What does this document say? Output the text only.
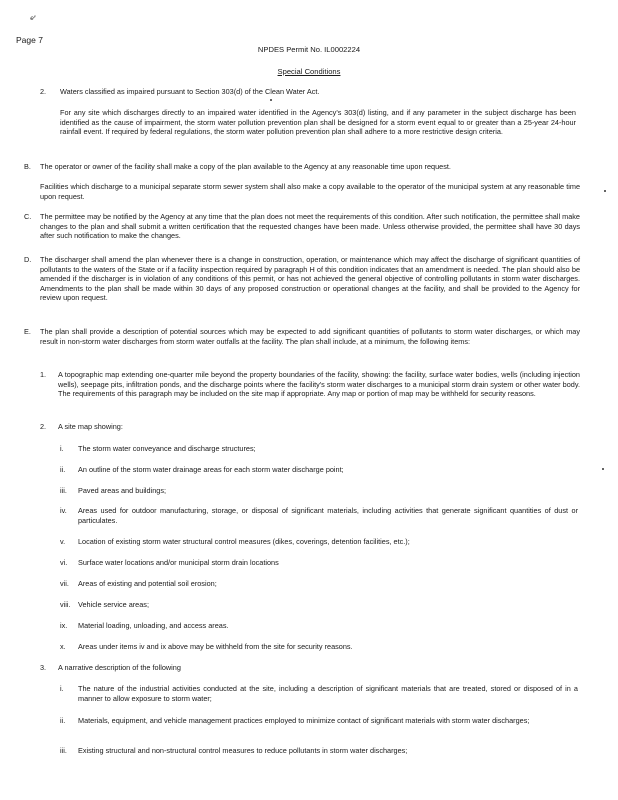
ᵉ'
Page 7
NPDES Permit No. IL0002224
Special Conditions
2. Waters classified as impaired pursuant to Section 303(d) of the Clean Water Act.
For any site which discharges directly to an impaired water identified in the Agency's 303(d) listing, and if any parameter in the subject discharge has been identified as the cause of impairment, the storm water pollution prevention plan shall be designed for a storm event equal to or greater than a 25-year 24-hour rainfall event. If required by federal regulations, the storm water pollution prevention plan shall adhere to a more restrictive design criteria.
B. The operator or owner of the facility shall make a copy of the plan available to the Agency at any reasonable time upon request.
Facilities which discharge to a municipal separate storm sewer system shall also make a copy available to the operator of the municipal system at any reasonable time upon request.
C. The permittee may be notified by the Agency at any time that the plan does not meet the requirements of this condition. After such notification, the permittee shall make changes to the plan and shall submit a written certification that the requested changes have been made. Unless otherwise provided, the permittee shall have 30 days after such notification to make the changes.
D. The discharger shall amend the plan whenever there is a change in construction, operation, or maintenance which may affect the discharge of significant quantities of pollutants to the waters of the State or if a facility inspection required by paragraph H of this condition indicates that an amendment is needed. The plan should also be amended if the discharger is in violation of any conditions of this permit, or has not achieved the general objective of controlling pollutants in storm water discharges. Amendments to the plan shall be made within 30 days of any proposed construction or operational changes at the facility, and shall be provided to the Agency for review upon request.
E. The plan shall provide a description of potential sources which may be expected to add significant quantities of pollutants to storm water discharges, or which may result in non-storm water discharges from storm water outfalls at the facility. The plan shall include, at a minimum, the following items:
1. A topographic map extending one-quarter mile beyond the property boundaries of the facility, showing: the facility, surface water bodies, wells (including injection wells), seepage pits, infiltration ponds, and the discharge points where the facility's storm water discharges to a municipal storm drain system or other water body. The requirements of this paragraph may be included on the site map if appropriate. Any map or portion of map may be withheld for security reasons.
2. A site map showing:
i. The storm water conveyance and discharge structures;
ii. An outline of the storm water drainage areas for each storm water discharge point;
iii. Paved areas and buildings;
iv. Areas used for outdoor manufacturing, storage, or disposal of significant materials, including activities that generate significant quantities of dust or particulates.
v. Location of existing storm water structural control measures (dikes, coverings, detention facilities, etc.);
vi. Surface water locations and/or municipal storm drain locations
vii. Areas of existing and potential soil erosion;
viii. Vehicle service areas;
ix. Material loading, unloading, and access areas.
x. Areas under items iv and ix above may be withheld from the site for security reasons.
3. A narrative description of the following
i. The nature of the industrial activities conducted at the site, including a description of significant materials that are treated, stored or disposed of in a manner to allow exposure to storm water;
ii. Materials, equipment, and vehicle management practices employed to minimize contact of significant materials with storm water discharges;
iii. Existing structural and non-structural control measures to reduce pollutants in storm water discharges;
